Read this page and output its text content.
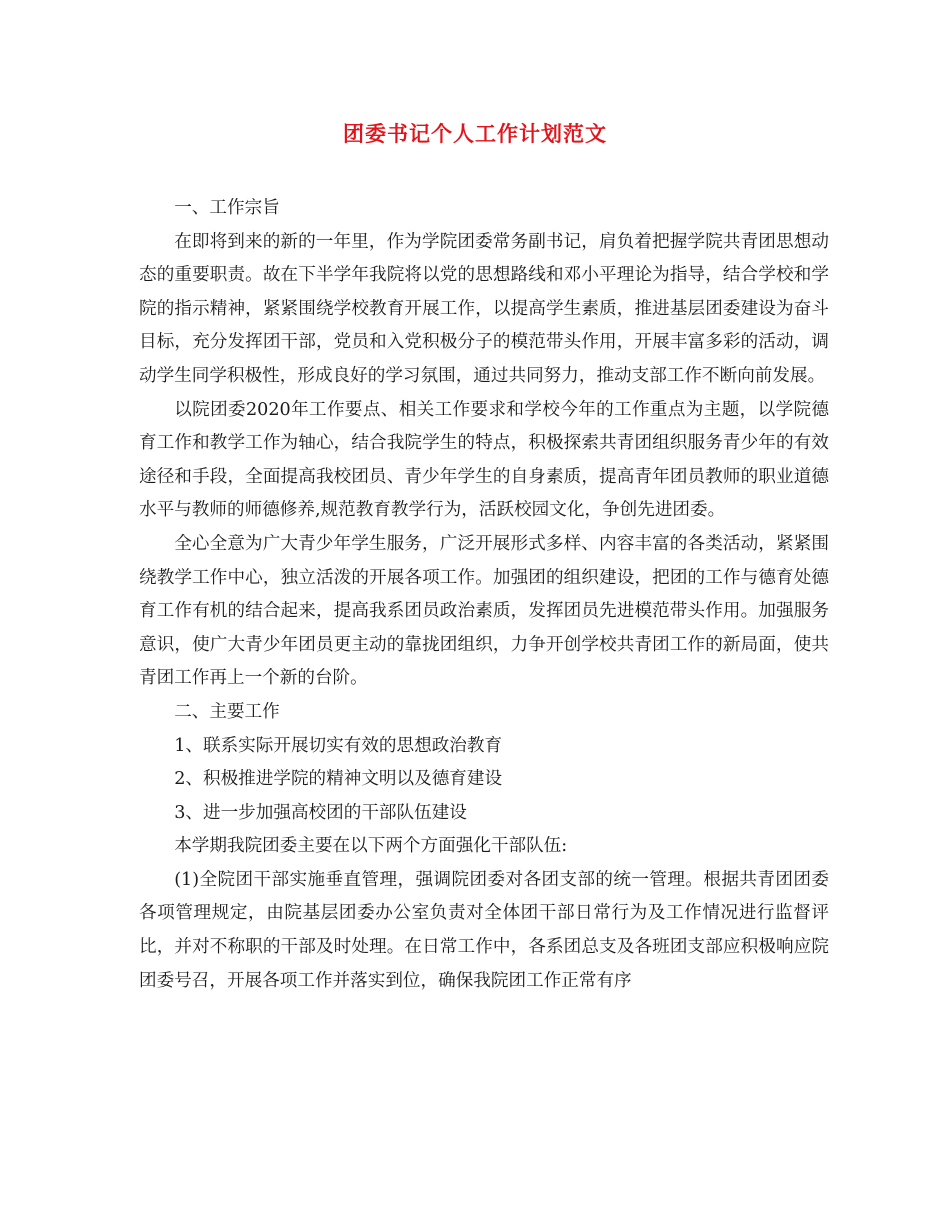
团委书记个人工作计划范文

一、工作宗旨

在即将到来的新的一年里，作为学院团委常务副书记，肩负着把握学院共青团思想动态的重要职责。故在下半学年我院将以党的思想路线和邓小平理论为指导，结合学校和学院的指示精神，紧紧围绕学校教育开展工作，以提高学生素质，推进基层团委建设为奋斗目标，充分发挥团干部，党员和入党积极分子的模范带头作用，开展丰富多彩的活动，调动学生同学积极性，形成良好的学习氛围，通过共同努力，推动支部工作不断向前发展。

以院团委2020年工作要点、相关工作要求和学校今年的工作重点为主题，以学院德育工作和教学工作为轴心，结合我院学生的特点，积极探索共青团组织服务青少年的有效途径和手段，全面提高我校团员、青少年学生的自身素质，提高青年团员教师的职业道德水平与教师的师德修养,规范教育教学行为，活跃校园文化，争创先进团委。

全心全意为广大青少年学生服务，广泛开展形式多样、内容丰富的各类活动，紧紧围绕教学工作中心，独立活泼的开展各项工作。加强团的组织建设，把团的工作与德育处德育工作有机的结合起来，提高我系团员政治素质，发挥团员先进模范带头作用。加强服务意识，使广大青少年团员更主动的靠拢团组织，力争开创学校共青团工作的新局面，使共青团工作再上一个新的台阶。

二、主要工作

1、联系实际开展切实有效的思想政治教育

2、积极推进学院的精神文明以及德育建设

3、进一步加强高校团的干部队伍建设

本学期我院团委主要在以下两个方面强化干部队伍:

(1)全院团干部实施垂直管理，强调院团委对各团支部的统一管理。根据共青团团委各项管理规定，由院基层团委办公室负责对全体团干部日常行为及工作情况进行监督评比，并对不称职的干部及时处理。在日常工作中，各系团总支及各班团支部应积极响应院团委号召，开展各项工作并落实到位，确保我院团工作正常有序
